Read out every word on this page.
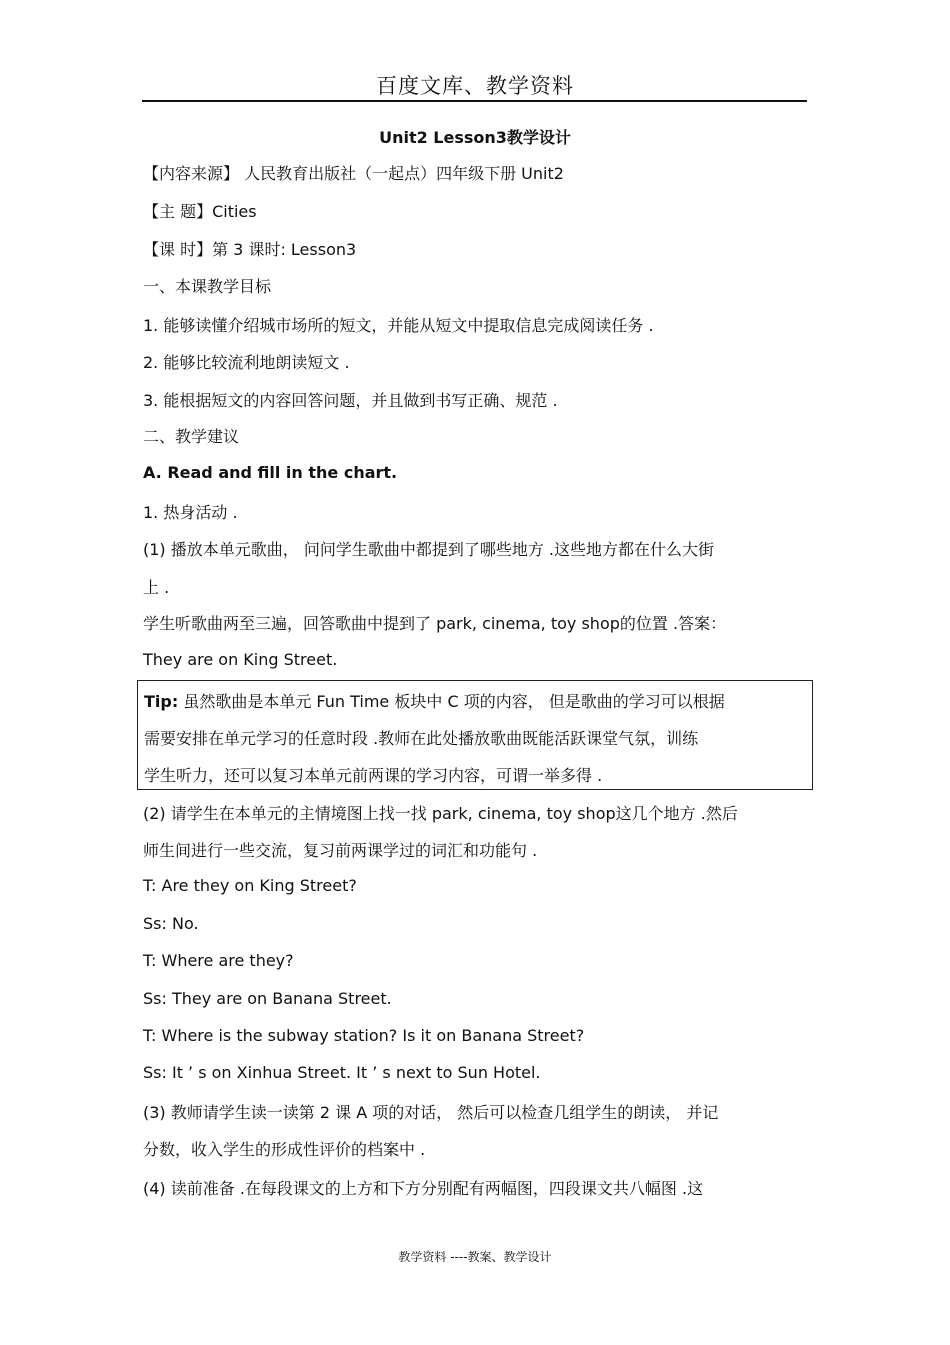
百度文库、教学资料
Unit2 Lesson3教学设计
【内容来源】 人民教育出版社（一起点）四年级下册 Unit2
【主 题】Cities
【课 时】第 3 课时: Lesson3
一、本课教学目标
1. 能够读懂介绍城市场所的短文，并能从短文中提取信息完成阅读任务 .
2. 能够比较流利地朗读短文 .
3. 能根据短文的内容回答问题，并且做到书写正确、规范 .
二、教学建议
A. Read and fill in the chart.
1. 热身活动 .
(1) 播放本单元歌曲， 问问学生歌曲中都提到了哪些地方 .这些地方都在什么大街
上 .
学生听歌曲两至三遍，回答歌曲中提到了 park, cinema, toy shop的位置 .答案：
They are on King Street.
Tip: 虽然歌曲是本单元 Fun Time 板块中 C 项的内容， 但是歌曲的学习可以根据
需要安排在单元学习的任意时段 .教师在此处播放歌曲既能活跃课堂气氛，训练
学生听力，还可以复习本单元前两课的学习内容，可谓一举多得 .
(2) 请学生在本单元的主情境图上找一找 park, cinema, toy shop这几个地方 .然后
师生间进行一些交流，复习前两课学过的词汇和功能句 .
T: Are they on King Street?
Ss: No.
T: Where are they?
Ss: They are on Banana Street.
T: Where is the subway station? Is it on Banana Street?
Ss: It ’ s on Xinhua Street. It ’ s next to Sun Hotel.
(3) 教师请学生读一读第 2 课 A 项的对话， 然后可以检查几组学生的朗读， 并记
分数，收入学生的形成性评价的档案中 .
(4) 读前准备 .在每段课文的上方和下方分别配有两幅图，四段课文共八幅图 .这
教学资料 ----教案、教学设计
